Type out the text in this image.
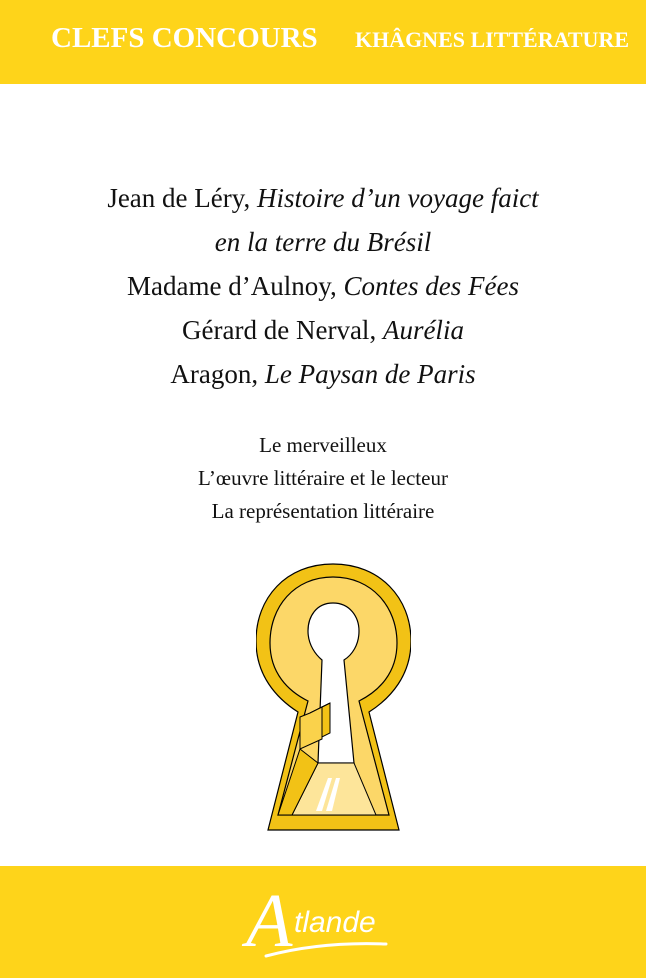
CLEFS CONCOURS KHÂGNES LITTÉRATURE
Jean de Léry, Histoire d’un voyage faict
en la terre du Brésil
Madame d’Aulnoy, Contes des Fées
Gérard de Nerval, Aurélia
Aragon, Le Paysan de Paris
Le merveilleux
L’œuvre littéraire et le lecteur
La représentation littéraire
A tlande
